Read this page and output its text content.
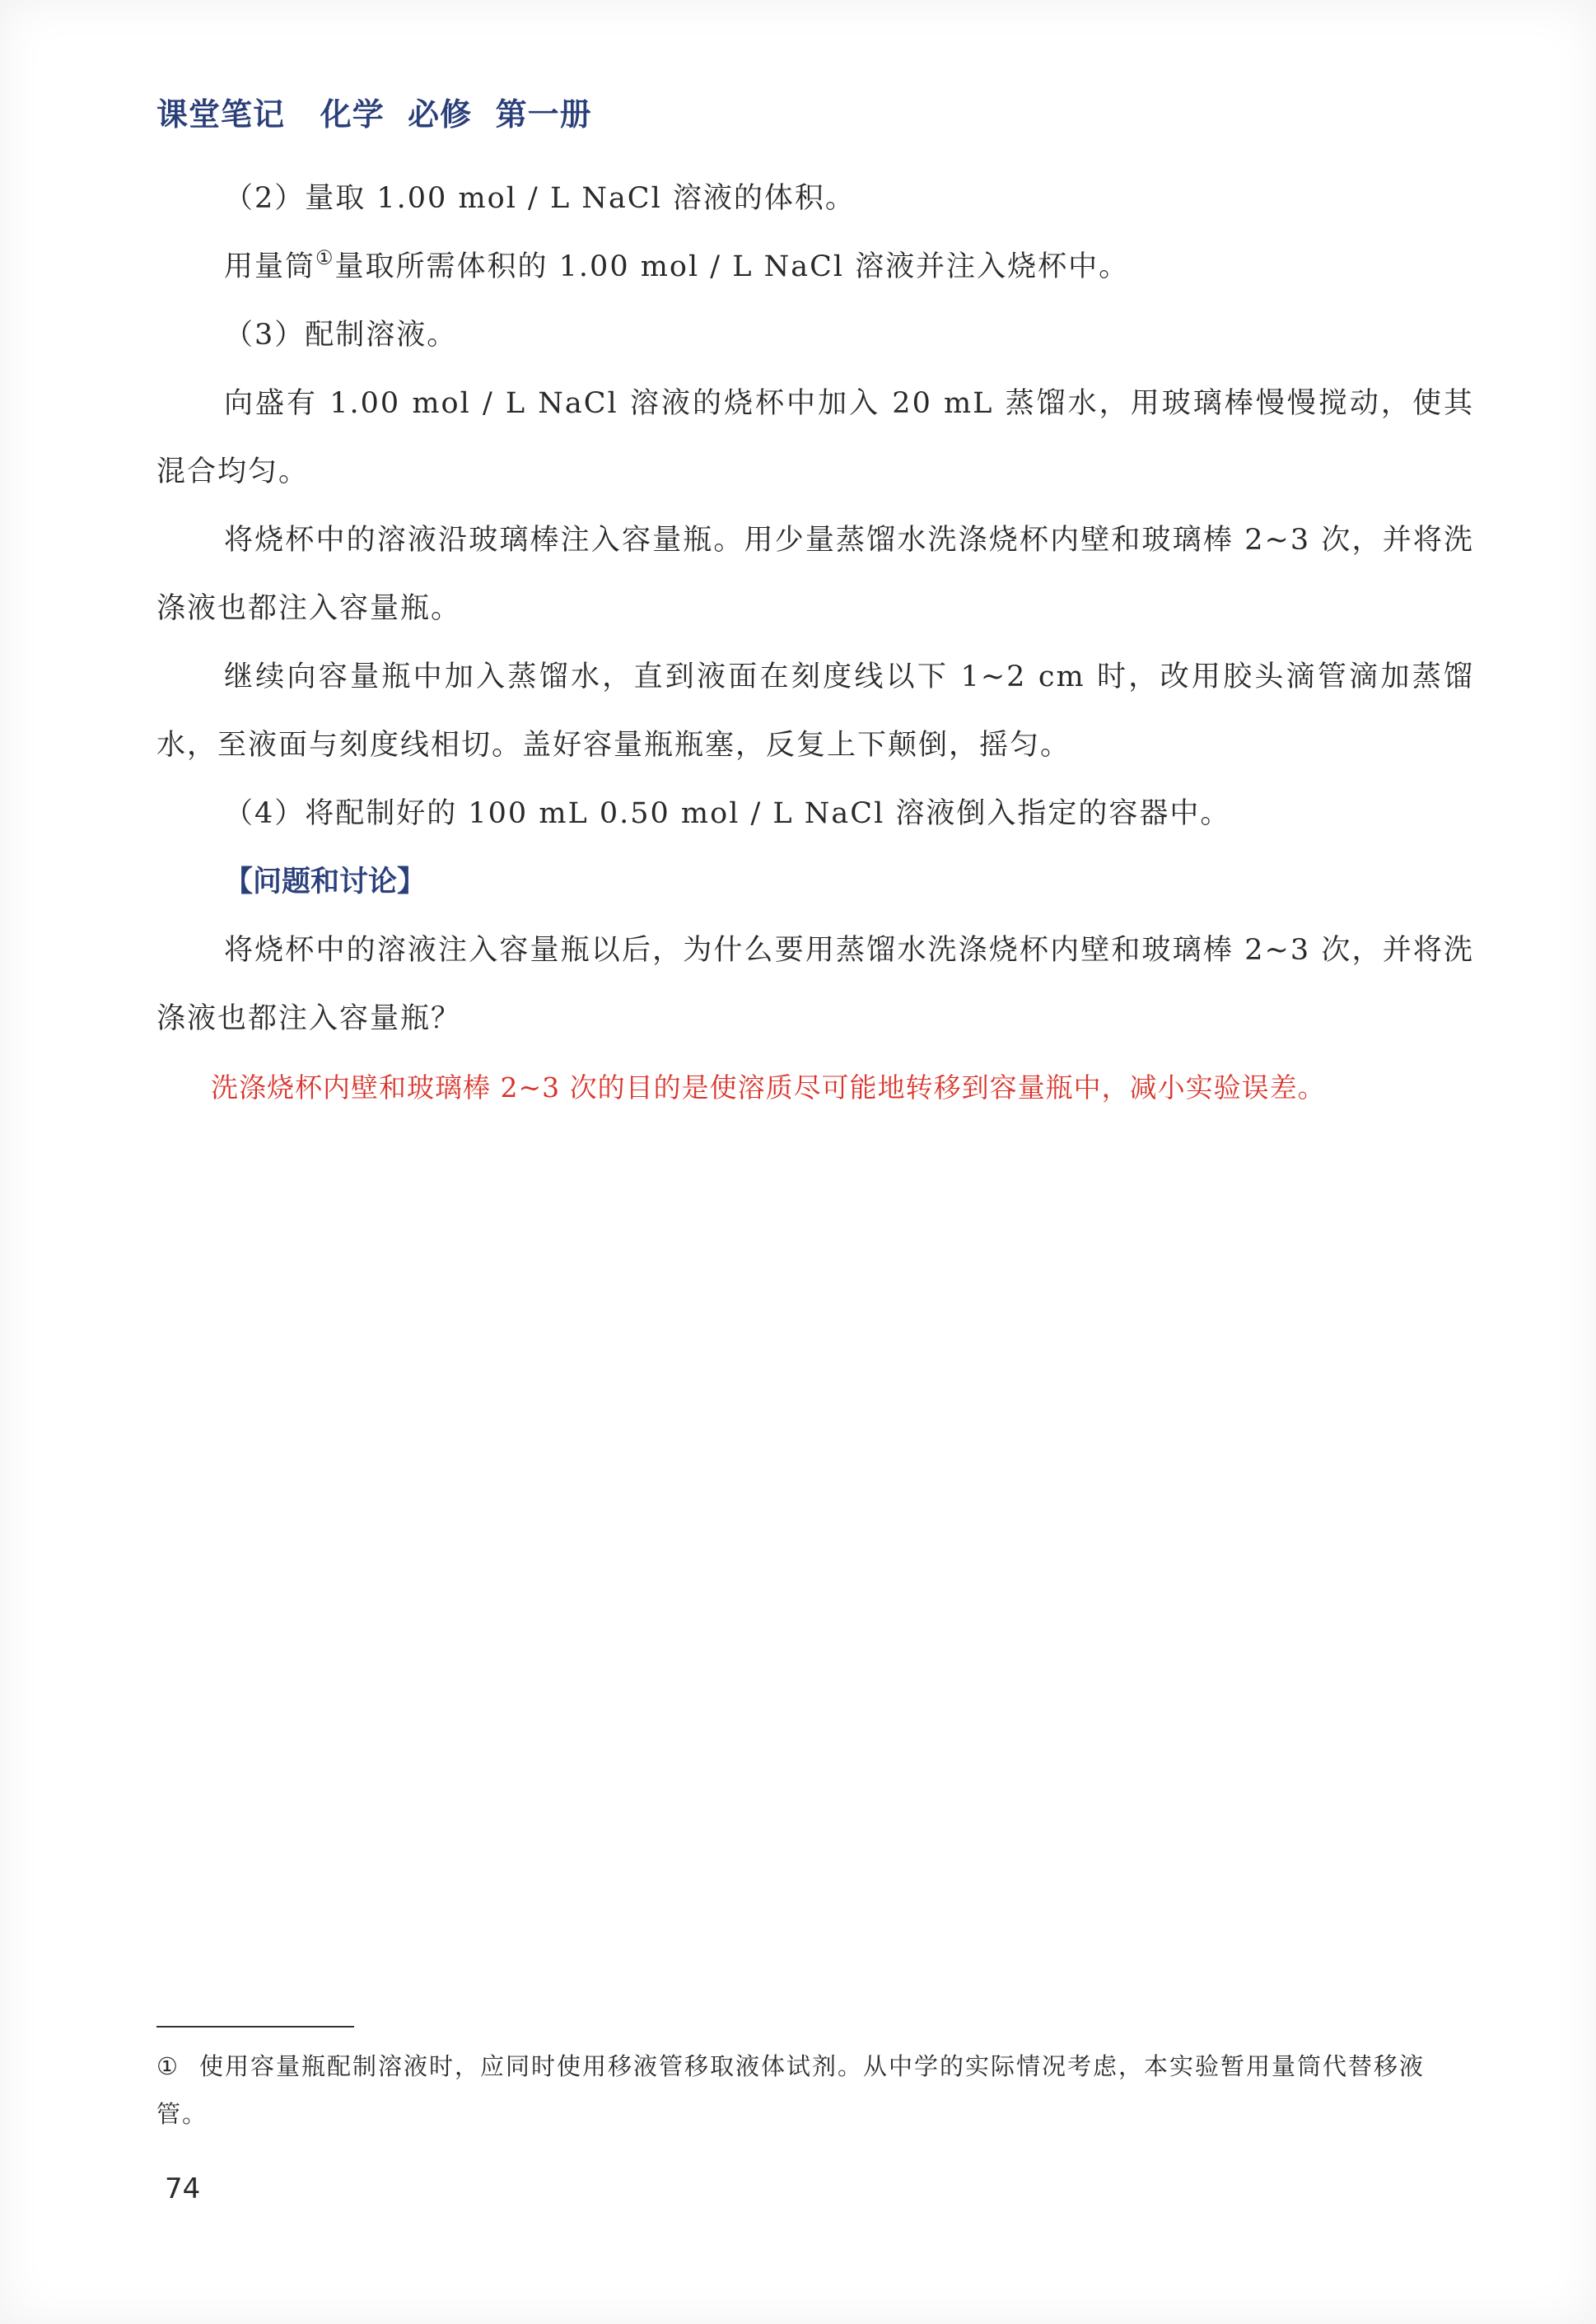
课堂笔记   化学  必修  第一册

（2）量取 1.00 mol / L NaCl 溶液的体积。

用量筒①量取所需体积的 1.00 mol / L NaCl 溶液并注入烧杯中。

（3）配制溶液。

向盛有 1.00 mol / L NaCl 溶液的烧杯中加入 20 mL 蒸馏水，用玻璃棒慢慢搅动，使其混合均匀。

将烧杯中的溶液沿玻璃棒注入容量瓶。用少量蒸馏水洗涤烧杯内壁和玻璃棒 2~3 次，并将洗涤液也都注入容量瓶。

继续向容量瓶中加入蒸馏水，直到液面在刻度线以下 1~2 cm 时，改用胶头滴管滴加蒸馏水，至液面与刻度线相切。盖好容量瓶瓶塞，反复上下颠倒，摇匀。

（4）将配制好的 100 mL 0.50 mol / L NaCl 溶液倒入指定的容器中。

【问题和讨论】

将烧杯中的溶液注入容量瓶以后，为什么要用蒸馏水洗涤烧杯内壁和玻璃棒 2~3 次，并将洗涤液也都注入容量瓶？

洗涤烧杯内壁和玻璃棒 2~3 次的目的是使溶质尽可能地转移到容量瓶中，减小实验误差。

① 使用容量瓶配制溶液时，应同时使用移液管移取液体试剂。从中学的实际情况考虑，本实验暂用量筒代替移液管。

74
